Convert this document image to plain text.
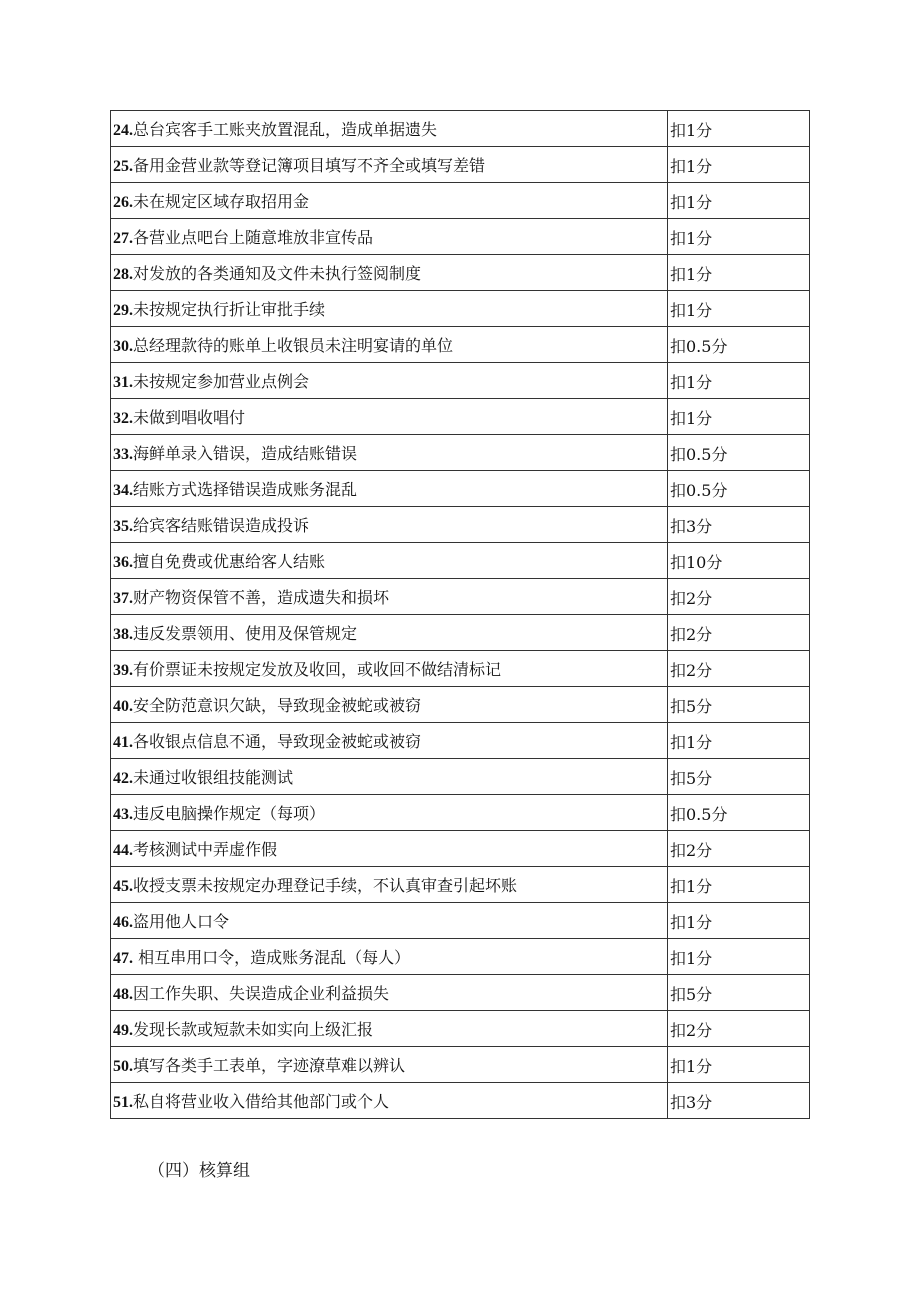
24.总台宾客手工账夹放置混乱，造成单据遗失	扣1分
25.备用金营业款等登记簿项目填写不齐全或填写差错	扣1分
26.未在规定区域存取招用金	扣1分
27.各营业点吧台上随意堆放非宣传品	扣1分
28.对发放的各类通知及文件未执行签阅制度	扣1分
29.未按规定执行折让审批手续	扣1分
30.总经理款待的账单上收银员未注明宴请的单位	扣0.5分
31.未按规定参加营业点例会	扣1分
32.未做到唱收唱付	扣1分
33.海鲜单录入错误，造成结账错误	扣0.5分
34.结账方式选择错误造成账务混乱	扣0.5分
35.给宾客结账错误造成投诉	扣3分
36.擅自免费或优惠给客人结账	扣10分
37.财产物资保管不善，造成遗失和损坏	扣2分
38.违反发票领用、使用及保管规定	扣2分
39.有价票证未按规定发放及收回，或收回不做结清标记	扣2分
40.安全防范意识欠缺，导致现金被蛇或被窃	扣5分
41.各收银点信息不通，导致现金被蛇或被窃	扣1分
42.未通过收银组技能测试	扣5分
43.违反电脑操作规定（每项）	扣0.5分
44.考核测试中弄虚作假	扣2分
45.收授支票未按规定办理登记手续，不认真审查引起坏账	扣1分
46.盗用他人口令	扣1分
47. 相互串用口令，造成账务混乱（每人）	扣1分
48.因工作失职、失误造成企业利益损失	扣5分
49.发现长款或短款未如实向上级汇报	扣2分
50.填写各类手工表单，字迹潦草难以辨认	扣1分
51.私自将营业收入借给其他部门或个人	扣3分
（四）核算组
